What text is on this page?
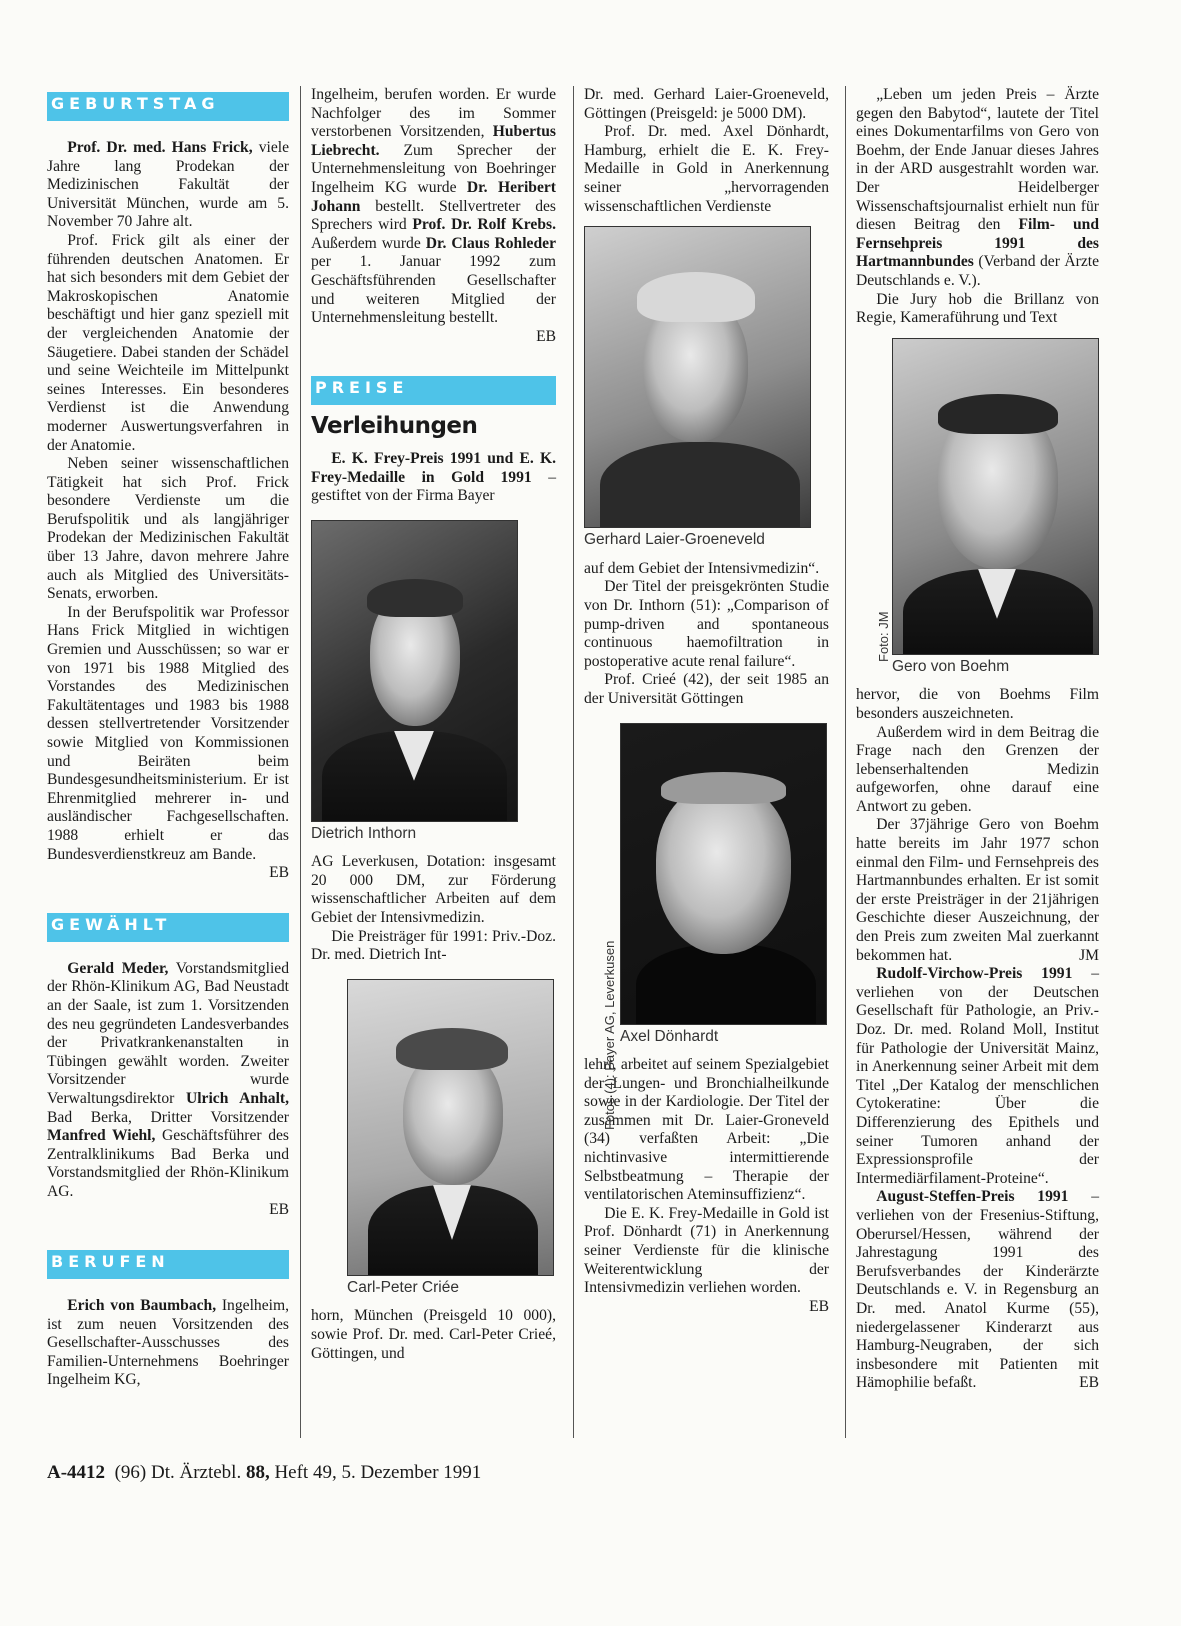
GEBURTSTAG

Prof. Dr. med. Hans Frick, viele Jahre lang Prodekan der Medizinischen Fakultät der Universität München, wurde am 5. November 70 Jahre alt.

Prof. Frick gilt als einer der führenden deutschen Anatomen. Er hat sich besonders mit dem Gebiet der Makroskopischen Anatomie beschäftigt und hier ganz speziell mit der vergleichenden Anatomie der Säugetiere. Dabei standen der Schädel und seine Weichteile im Mittelpunkt seines Interesses. Ein besonderes Verdienst ist die Anwendung moderner Auswertungsverfahren in der Anatomie.

Neben seiner wissenschaftlichen Tätigkeit hat sich Prof. Frick besondere Verdienste um die Berufspolitik und als langjähriger Prodekan der Medizinischen Fakultät über 13 Jahre, davon mehrere Jahre auch als Mitglied des Universitäts-Senats, erworben.

In der Berufspolitik war Professor Hans Frick Mitglied in wichtigen Gremien und Ausschüssen; so war er von 1971 bis 1988 Mitglied des Vorstandes des Medizinischen Fakultätentages und 1983 bis 1988 dessen stellvertretender Vorsitzender sowie Mitglied von Kommissionen und Beiräten beim Bundesgesundheitsministerium. Er ist Ehrenmitglied mehrerer in- und ausländischer Fachgesellschaften. 1988 erhielt er das Bundesverdienstkreuz am Bande.

EB

GEWÄHLT

Gerald Meder, Vorstandsmitglied der Rhön-Klinikum AG, Bad Neustadt an der Saale, ist zum 1. Vorsitzenden des neu gegründeten Landesverbandes der Privatkrankenanstalten in Tübingen gewählt worden. Zweiter Vorsitzender wurde Verwaltungsdirektor Ulrich Anhalt, Bad Berka, Dritter Vorsitzender Manfred Wiehl, Geschäftsführer des Zentralklinikums Bad Berka und Vorstandsmitglied der Rhön-Klinikum AG.

EB

BERUFEN

Erich von Baumbach, Ingelheim, ist zum neuen Vorsitzenden des Gesellschafter-Ausschusses des Familien-Unternehmens Boehringer Ingelheim KG,

Ingelheim, berufen worden. Er wurde Nachfolger des im Sommer verstorbenen Vorsitzenden, Hubertus Liebrecht. Zum Sprecher der Unternehmensleitung von Boehringer Ingelheim KG wurde Dr. Heribert Johann bestellt. Stellvertreter des Sprechers wird Prof. Dr. Rolf Krebs. Außerdem wurde Dr. Claus Rohleder per 1. Januar 1992 zum Geschäftsführenden Gesellschafter und weiteren Mitglied der Unternehmensleitung bestellt.

EB

PREISE
Verleihungen

E. K. Frey-Preis 1991 und E. K. Frey-Medaille in Gold 1991 – gestiftet von der Firma Bayer

Dietrich Inthorn

AG Leverkusen, Dotation: insgesamt 20 000 DM, zur Förderung wissenschaftlicher Arbeiten auf dem Gebiet der Intensivmedizin.

Die Preisträger für 1991: Priv.-Doz. Dr. med. Dietrich Int-

Carl-Peter Criée

horn, München (Preisgeld 10 000), sowie Prof. Dr. med. Carl-Peter Crieé, Göttingen, und

Dr. med. Gerhard Laier-Groeneveld, Göttingen (Preisgeld: je 5000 DM).

Prof. Dr. med. Axel Dönhardt, Hamburg, erhielt die E. K. Frey-Medaille in Gold in Anerkennung seiner „hervorragenden wissenschaftlichen Verdienste

Gerhard Laier-Groeneveld

auf dem Gebiet der Intensivmedizin“.

Der Titel der preisgekrönten Studie von Dr. Inthorn (51): „Comparison of pump-driven and spontaneous continuous haemofiltration in postoperative acute renal failure“.

Prof. Crieé (42), der seit 1985 an der Universität Göttingen

Axel Dönhardt

lehrt, arbeitet auf seinem Spezialgebiet der Lungen- und Bronchialheilkunde sowie in der Kardiologie. Der Titel der zusammen mit Dr. Laier-Groneveld (34) verfaßten Arbeit: „Die nichtinvasive intermittierende Selbstbeatmung – Therapie der ventilatorischen Ateminsuffizienz“.

Die E. K. Frey-Medaille in Gold ist Prof. Dönhardt (71) in Anerkennung seiner Verdienste für die klinische Weiterentwicklung der Intensivmedizin verliehen worden.

EB

Fotos (4): Bayer AG, Leverkusen

„Leben um jeden Preis – Ärzte gegen den Babytod“, lautete der Titel eines Dokumentarfilms von Gero von Boehm, der Ende Januar dieses Jahres in der ARD ausgestrahlt worden war. Der Heidelberger Wissenschaftsjournalist erhielt nun für diesen Beitrag den Film- und Fernsehpreis 1991 des Hartmannbundes (Verband der Ärzte Deutschlands e. V.).

Die Jury hob die Brillanz von Regie, Kameraführung und Text

Gero von Boehm

hervor, die von Boehms Film besonders auszeichneten.

Außerdem wird in dem Beitrag die Frage nach den Grenzen der lebenserhaltenden Medizin aufgeworfen, ohne darauf eine Antwort zu geben.

Der 37jährige Gero von Boehm hatte bereits im Jahr 1977 schon einmal den Film- und Fernsehpreis des Hartmannbundes erhalten. Er ist somit der erste Preisträger in der 21jährigen Geschichte dieser Auszeichnung, der den Preis zum zweiten Mal zuerkannt bekommen hat.	JM

Rudolf-Virchow-Preis 1991 – verliehen von der Deutschen Gesellschaft für Pathologie, an Priv.-Doz. Dr. med. Roland Moll, Institut für Pathologie der Universität Mainz, in Anerkennung seiner Arbeit mit dem Titel „Der Katalog der menschlichen Cytokeratine: Über die Differenzierung des Epithels und seiner Tumoren anhand der Expressionsprofile der Intermediärfilament-Proteine“.

August-Steffen-Preis 1991 – verliehen von der Fresenius-Stiftung, Oberursel/Hessen, während der Jahrestagung 1991 des Berufsverbandes der Kinderärzte Deutschlands e. V. in Regensburg an Dr. med. Anatol Kurme (55), niedergelassener Kinderarzt aus Hamburg-Neugraben, der sich insbesondere mit Patienten mit Hämophilie befaßt.	EB

Foto: JM
A-4412 (96) Dt. Ärztebl. 88, Heft 49, 5. Dezember 1991
